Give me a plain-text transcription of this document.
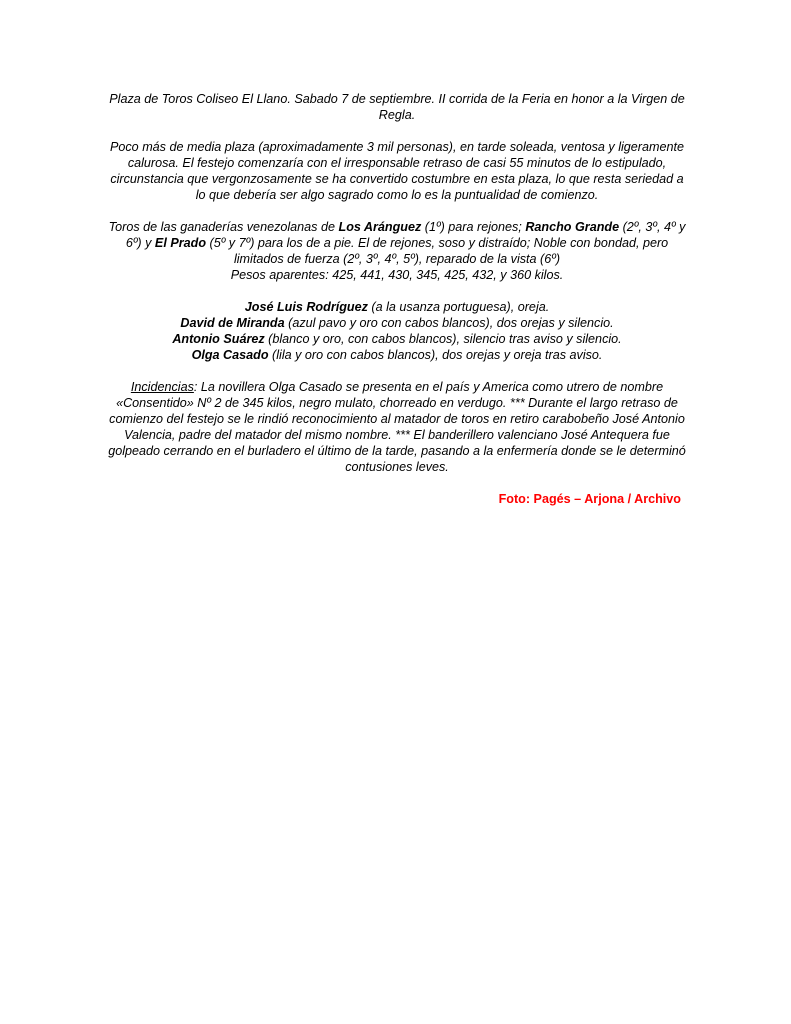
Plaza de Toros Coliseo El Llano. Sabado 7 de septiembre. II corrida de la Feria en honor a la Virgen de Regla.

Poco más de media plaza (aproximadamente 3 mil personas), en tarde soleada, ventosa y ligeramente calurosa. El festejo comenzaría con el irresponsable retraso de casi 55 minutos de lo estipulado, circunstancia que vergonzosamente se ha convertido costumbre en esta plaza, lo que resta seriedad a lo que debería ser algo sagrado como lo es la puntualidad de comienzo.

Toros de las ganaderías venezolanas de Los Aránguez (1º) para rejones; Rancho Grande (2º, 3º, 4º y 6º) y El Prado (5º y 7º) para los de a pie. El de rejones, soso y distraído; Noble con bondad, pero limitados de fuerza (2º, 3º, 4º, 5º), reparado de la vista (6º)

Pesos aparentes: 425, 441, 430, 345, 425, 432, y 360 kilos.

José Luis Rodríguez (a la usanza portuguesa), oreja.
David de Miranda (azul pavo y oro con cabos blancos), dos orejas y silencio.
Antonio Suárez (blanco y oro, con cabos blancos), silencio tras aviso y silencio.
Olga Casado (lila y oro con cabos blancos), dos orejas y oreja tras aviso.

Incidencias: La novillera Olga Casado se presenta en el país y America como utrero de nombre «Consentido» Nº 2 de 345 kilos, negro mulato, chorreado en verdugo. *** Durante el largo retraso de comienzo del festejo se le rindió reconocimiento al matador de toros en retiro carabobeño José Antonio Valencia, padre del matador del mismo nombre. *** El banderillero valenciano José Antequera fue golpeado cerrando en el burladero el último de la tarde, pasando a la enfermería donde se le determinó contusiones leves.

Foto: Pagés – Arjona / Archivo
